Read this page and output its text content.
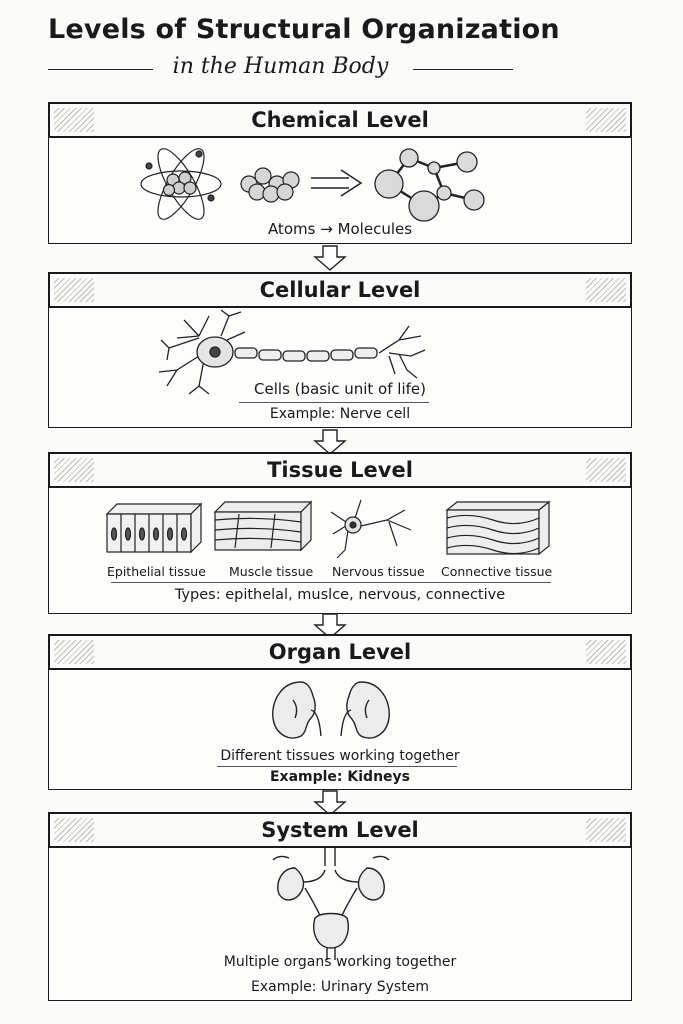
Levels of Structural Organization
in the Human Body
Chemical Level
Atoms → Molecules
Cellular Level
Cells (basic unit of life)
Example: Nerve cell
Tissue Level
Epithelial tissue Muscle tissue Nervous tissue Connective tissue
Types: epithelal, muslce, nervous, connective
Organ Level
Different tissues working together
Example: Kidneys
System Level
Multiple organs working together
Example: Urinary System
